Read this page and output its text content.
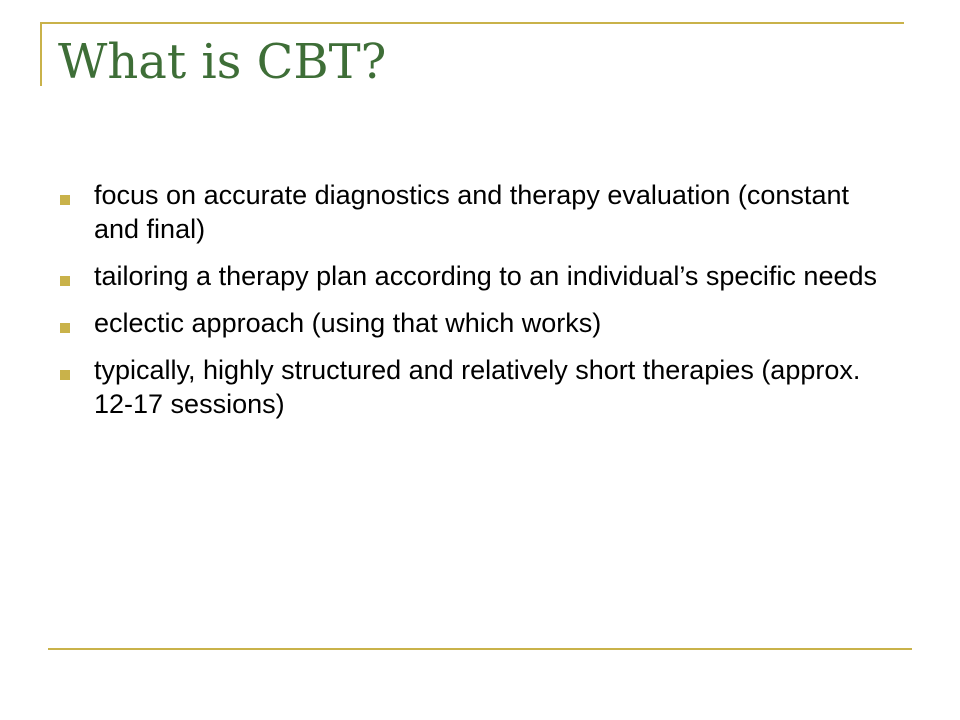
What is CBT?
focus on accurate diagnostics and therapy evaluation (constant and final)
tailoring a therapy plan according to an individual’s specific needs
eclectic approach (using that which works)
typically, highly structured and relatively short therapies (approx. 12-17 sessions)
